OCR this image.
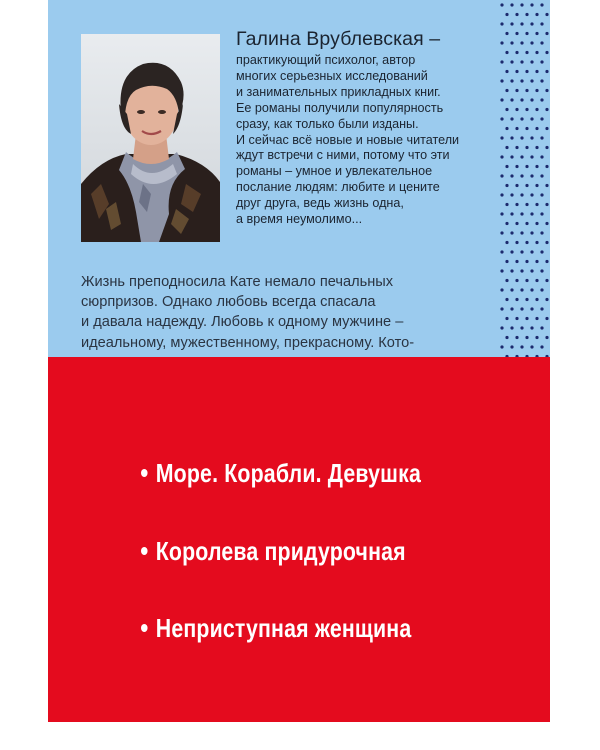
Галина Врублевская –
практикующий психолог, автор
многих серьезных исследований
и занимательных прикладных книг.
Ее романы получили популярность
сразу, как только были изданы.
И сейчас всё новые и новые читатели
ждут встречи с ними, потому что эти
романы – умное и увлекательное
послание людям: любите и цените
друг друга, ведь жизнь одна,
а время неумолимо...
Жизнь преподносила Кате немало печальных
сюрпризов. Однако любовь всегда спасала
и давала надежду. Любовь к одному мужчине –
идеальному, мужественному, прекрасному. Кото-
Море. Корабли. Девушка
Королева придурочная
Неприступная женщина
